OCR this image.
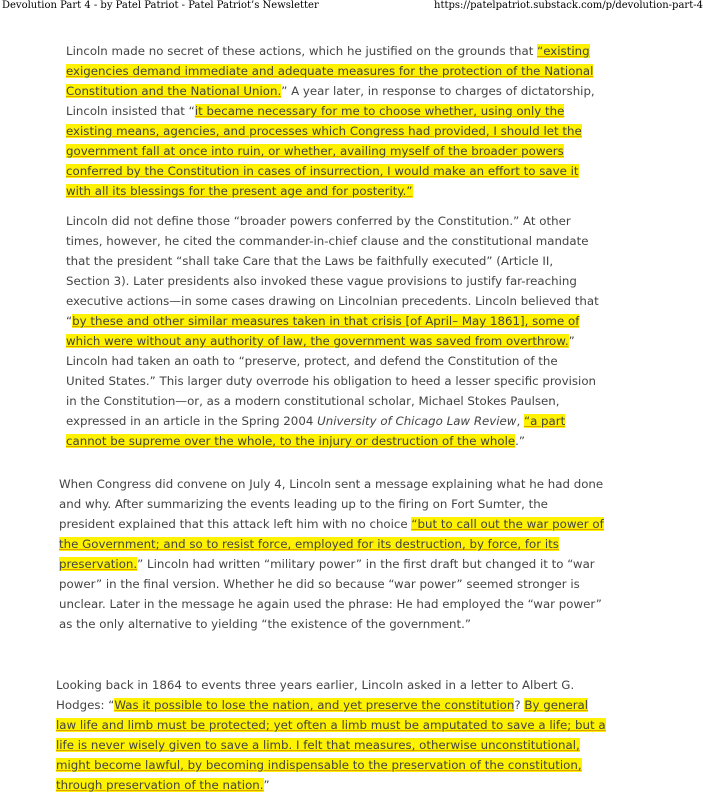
Devolution Part 4 - by Patel Patriot - Patel Patriot’s Newsletter	https://patelpatriot.substack.com/p/devolution-part-4

Lincoln made no secret of these actions, which he justified on the grounds that “existing exigencies demand immediate and adequate measures for the protection of the National Constitution and the National Union.” A year later, in response to charges of dictatorship, Lincoln insisted that “it became necessary for me to choose whether, using only the existing means, agencies, and processes which Congress had provided, I should let the government fall at once into ruin, or whether, availing myself of the broader powers conferred by the Constitution in cases of insurrection, I would make an effort to save it with all its blessings for the present age and for posterity.”

Lincoln did not define those “broader powers conferred by the Constitution.” At other times, however, he cited the commander-in-chief clause and the constitutional mandate that the president “shall take Care that the Laws be faithfully executed” (Article II, Section 3). Later presidents also invoked these vague provisions to justify far-reaching executive actions—in some cases drawing on Lincolnian precedents. Lincoln believed that “by these and other similar measures taken in that crisis [of April– May 1861], some of which were without any authority of law, the government was saved from overthrow.” Lincoln had taken an oath to “preserve, protect, and defend the Constitution of the United States.” This larger duty overrode his obligation to heed a lesser specific provision in the Constitution—or, as a modern constitutional scholar, Michael Stokes Paulsen, expressed in an article in the Spring 2004 University of Chicago Law Review, “a part cannot be supreme over the whole, to the injury or destruction of the whole.”

When Congress did convene on July 4, Lincoln sent a message explaining what he had done and why. After summarizing the events leading up to the firing on Fort Sumter, the president explained that this attack left him with no choice “but to call out the war power of the Government; and so to resist force, employed for its destruction, by force, for its preservation.” Lincoln had written “military power” in the first draft but changed it to “war power” in the final version. Whether he did so because “war power” seemed stronger is unclear. Later in the message he again used the phrase: He had employed the “war power” as the only alternative to yielding “the existence of the government.”

Looking back in 1864 to events three years earlier, Lincoln asked in a letter to Albert G. Hodges: “Was it possible to lose the nation, and yet preserve the constitution? By general law life and limb must be protected; yet often a limb must be amputated to save a life; but a life is never wisely given to save a limb. I felt that measures, otherwise unconstitutional, might become lawful, by becoming indispensable to the preservation of the constitution, through preservation of the nation.”
